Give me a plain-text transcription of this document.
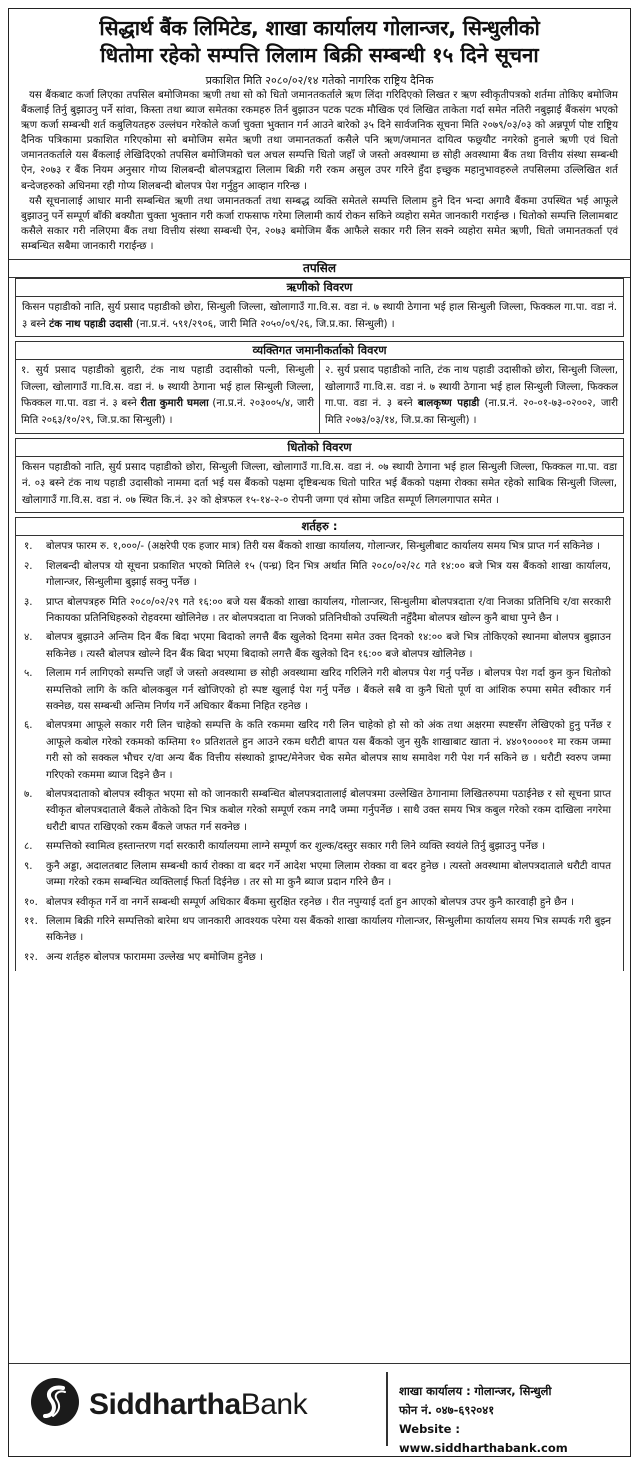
सिद्धार्थ बैंक लिमिटेड, शाखा कार्यालय गोलान्जर, सिन्धुलीको
धितोमा रहेको सम्पत्ति लिलाम बिक्री सम्बन्धी १५ दिने सूचना
प्रकाशित मिति २०८०/०२/१४ गतेको नागरिक राष्ट्रिय दैनिक

यस बैंकबाट कर्जा लिएका तपसिल बमोजिमका ऋणी तथा सो को धितो जमानतकर्ताले ऋण लिंदा गरिदिएको लिखत र ऋण स्वीकृतीपत्रको शर्तमा तोकिए बमोजिम बैंकलाई तिर्नु बुझाउनु पर्ने सांवा, किस्ता तथा ब्याज समेतका रकमहरु तिर्न बुझाउन पटक पटक मौखिक एवं लिखित ताकेता गर्दा समेत नतिरी नबुझाई बैंकसंग भएको ऋण कर्जा सम्बन्धी शर्त कबुलियतहरु उल्लंघन गरेकोले कर्जा चुक्ता भुक्तान गर्न आउने बारेको ३५ दिने सार्वजनिक सूचना मिति २०७९/०३/०३ को अन्नपूर्ण पोष्ट राष्ट्रिय दैनिक पत्रिकामा प्रकाशित गरिएकोमा सो बमोजिम समेत ऋणी तथा जमानतकर्ता कसैले पनि ऋण/जमानत दायित्व फछ्र्यौट नगरेको हुनाले ऋणी एवं धितो जमानतकर्ताले यस बैंकलाई लेखिदिएको तपसिल बमोजिमको चल अचल सम्पत्ति धितो जहाँ जे जस्तो अवस्थामा छ सोही अवस्थामा बैंक तथा वित्तीय संस्था सम्बन्धी ऐन, २०७३ र बैंक नियम अनुसार गोप्य शिलबन्दी बोलपत्रद्वारा लिलाम बिक्री गरी रकम असुल उपर गरिने हुँदा इच्छुक महानुभावहरुले तपसिलमा उल्लिखित शर्त बन्देजहरुको अधिनमा रही गोप्य शिलबन्दी बोलपत्र पेश गर्नुहुन आव्हान गरिन्छ ।

यसै सूचनालाई आधार मानी सम्बन्धित ऋणी तथा जमानतकर्ता तथा सम्बद्ध व्यक्ति समेतले सम्पत्ति लिलाम हुने दिन भन्दा अगावै बैंकमा उपस्थित भई आफूले बुझाउनु पर्ने सम्पूर्ण बाँकी बक्यौता चुक्ता भुक्तान गरी कर्जा राफसाफ गरेमा लिलामी कार्य रोकन सकिने व्यहोरा समेत जानकारी गराईन्छ । धितोको सम्पत्ति लिलामबाट कसैले सकार गरी नलिएमा बैंक तथा वित्तीय संस्था सम्बन्धी ऐन, २०७३ बमोजिम बैंक आफैले सकार गरी लिन सक्ने व्यहोरा समेत ऋणी, धितो जमानतकर्ता एवं सम्बन्धित सबैमा जानकारी गराईन्छ ।

तपसिल
ऋणीको विवरण
किसन पहाडीको नाति, सुर्य प्रसाद पहाडीको छोरा, सिन्धुली जिल्ला, खोलागाउँ गा.वि.स. वडा नं. ७ स्थायी ठेगाना भई हाल सिन्धुली जिल्ला, फिक्कल गा.पा. वडा नं. ३ बस्ने टंक नाथ पहाडी उदासी (ना.प्र.नं. ५९१/२९०६, जारी मिति २०५०/०९/२६, जि.प्र.का. सिन्धुली) ।
व्यक्तिगत जमानीकर्ताको विवरण
१. सुर्य प्रसाद पहाडीको बुहारी, टंक नाथ पहाडी उदासीको पत्नी, सिन्धुली जिल्ला, खोलागाउँ गा.वि.स. वडा नं. ७ स्थायी ठेगाना भई हाल सिन्धुली जिल्ला, फिक्कल गा.पा. वडा नं. ३ बस्ने रीता कुमारी घमला (ना.प्र.नं. २०३००५/४, जारी मिति २०६३/१०/२९, जि.प्र.का सिन्धुली) ।
२. सुर्य प्रसाद पहाडीको नाति, टंक नाथ पहाडी उदासीको छोरा, सिन्धुली जिल्ला, खोलागाउँ गा.वि.स. वडा नं. ७ स्थायी ठेगाना भई हाल सिन्धुली जिल्ला, फिक्कल गा.पा. वडा नं. ३ बस्ने बालकृष्ण पहाडी (ना.प्र.नं. २०-०१-७३-०२००२, जारी मिति २०७३/०३/१४, जि.प्र.का सिन्धुली) ।
धितोको विवरण
किसन पहाडीको नाति, सुर्य प्रसाद पहाडीको छोरा, सिन्धुली जिल्ला, खोलागाउँ गा.वि.स. वडा नं. ०७ स्थायी ठेगाना भई हाल सिन्धुली जिल्ला, फिक्कल गा.पा. वडा नं. ०३ बस्ने टंक नाथ पहाडी उदासीको नाममा दर्ता भई यस बैंकको पक्षमा दृष्टिबन्धक धितो पारित भई बैंकको पक्षमा रोक्का समेत रहेको साबिक सिन्धुली जिल्ला, खोलागाउँ गा.वि.स. वडा नं. ०७ स्थित कि.नं. ३२ को क्षेत्रफल १५-१४-२-० रोपनी जग्गा एवं सोमा जडित सम्पूर्ण लिगलगापात समेत ।
शर्तहरु :
१.	बोलपत्र फारम रु. १,०००/- (अक्षरेपी एक हजार मात्र) तिरी यस बैंकको शाखा कार्यालय, गोलान्जर, सिन्धुलीबाट कार्यालय समय भित्र प्राप्त गर्न सकिनेछ ।
२.	शिलबन्दी बोलपत्र यो सूचना प्रकाशित भएको मितिले १५ (पन्ध्र) दिन भित्र अर्थात मिति २०८०/०२/२८ गते १४:०० बजे भित्र यस बैंकको शाखा कार्यालय, गोलान्जर, सिन्धुलीमा बुझाई सक्नु पर्नेछ ।
३.	प्राप्त बोलपत्रहरु मिति २०८०/०२/२९ गते १६:०० बजे यस बैंकको शाखा कार्यालय, गोलान्जर, सिन्धुलीमा बोलपत्रदाता र/वा निजका प्रतिनिधि र/वा सरकारी निकायका प्रतिनिधिहरुको रोहवरमा खोलिनेछ । तर बोलपत्रदाता वा निजको प्रतिनिधीको उपस्थिती नहुँदैमा बोलपत्र खोल्न कुनै बाधा पुग्ने छैन ।
४.	बोलपत्र बुझाउने अन्तिम दिन बैंक बिदा भएमा बिदाको लगत्तै बैंक खुलेको दिनमा समेत उक्त दिनको १४:०० बजे भित्र तोकिएको स्थानमा बोलपत्र बुझाउन सकिनेछ । त्यस्तै बोलपत्र खोल्ने दिन बैंक बिदा भएमा बिदाको लगत्तै बैंक खुलेको दिन १६:०० बजे बोलपत्र खोलिनेछ ।
५.	लिलाम गर्न लागिएको सम्पत्ति जहाँ जे जस्तो अवस्थामा छ सोही अवस्थामा खरिद गरिलिने गरी बोलपत्र पेश गर्नु पर्नेछ । बोलपत्र पेश गर्दा कुन कुन धितोको सम्पत्तिको लागि के कति बोलकबुल गर्न खोजिएको हो स्पष्ट खुलाई पेश गर्नु पर्नेछ । बैंकले सबै वा कुनै धितो पूर्ण वा आंशिक रुपमा समेत स्वीकार गर्न सक्नेछ, यस सम्बन्धी अन्तिम निर्णय गर्ने अधिकार बैंकमा निहित रहनेछ ।
६.	बोलपत्रमा आफूले सकार गरी लिन चाहेको सम्पत्ति के कति रकममा खरिद गरी लिन चाहेको हो सो को अंक तथा अक्षरमा स्पष्टसँग लेखिएको हुनु पर्नेछ र आफूले कबोल गरेको रकमको कम्तिमा १० प्रतिशतले हुन आउने रकम धरौटी बापत यस बैंकको जुन सुकै शाखाबाट खाता नं. ४४०९००००१ मा रकम जम्मा गरी सो को सक्कल भौचर र/वा अन्य बैंक वित्तीय संस्थाको ड्राफ्ट/मेनेजर चेक समेत बोलपत्र साथ समावेश गरी पेश गर्न सकिने छ । धरौटी स्वरुप जम्मा गरिएको रकममा ब्याज दिइने छैन ।
७.	बोलपत्रदाताको बोलपत्र स्वीकृत भएमा सो को जानकारी सम्बन्धित बोलपत्रदातालाई बोलपत्रमा उल्लेखित ठेगानामा लिखितरुपमा पठाईनेछ र सो सूचना प्राप्त स्वीकृत बोलपत्रदाताले बैंकले तोकेको दिन भित्र कबोल गरेको सम्पूर्ण रकम नगदै जम्मा गर्नुपर्नेछ । साथै उक्त समय भित्र कबुल गरेको रकम दाखिला नगरेमा धरौटी बापत राखिएको रकम बैंकले जफत गर्न सक्नेछ ।
८.	सम्पत्तिको स्वामित्व हस्तान्तरण गर्दा सरकारी कार्यालयमा लाग्ने सम्पूर्ण कर शुल्क/दस्तुर सकार गरी लिने व्यक्ति स्वयंले तिर्नु बुझाउनु पर्नेछ ।
९.	कुनै अड्डा, अदालतबाट लिलाम सम्बन्धी कार्य रोक्का वा बदर गर्ने आदेश भएमा लिलाम रोक्का वा बदर हुनेछ । त्यस्तो अवस्थामा बोलपत्रदाताले धरौटी वापत जम्मा गरेको रकम सम्बन्धित व्यक्तिलाई फिर्ता दिईनेछ । तर सो मा कुनै ब्याज प्रदान गरिने छैन ।
१०. बोलपत्र स्वीकृत गर्ने वा नगर्ने सम्बन्धी सम्पूर्ण अधिकार बैंकमा सुरक्षित रहनेछ । रीत नपुग्याई दर्ता हुन आएको बोलपत्र उपर कुनै कारवाही हुने छैन ।
११. लिलाम बिक्री गरिने सम्पत्तिको बारेमा थप जानकारी आवश्यक परेमा यस बैंकको शाखा कार्यालय गोलान्जर, सिन्धुलीमा कार्यालय समय भित्र सम्पर्क गरी बुझ्न सकिनेछ ।
१२. अन्य शर्तहरु बोलपत्र फाराममा उल्लेख भए बमोजिम हुनेछ ।
SiddharthaBank	शाखा कार्यालय : गोलान्जर, सिन्धुली
फोन नं. ०४७-६९२०४१
Website : www.siddharthabank.com
